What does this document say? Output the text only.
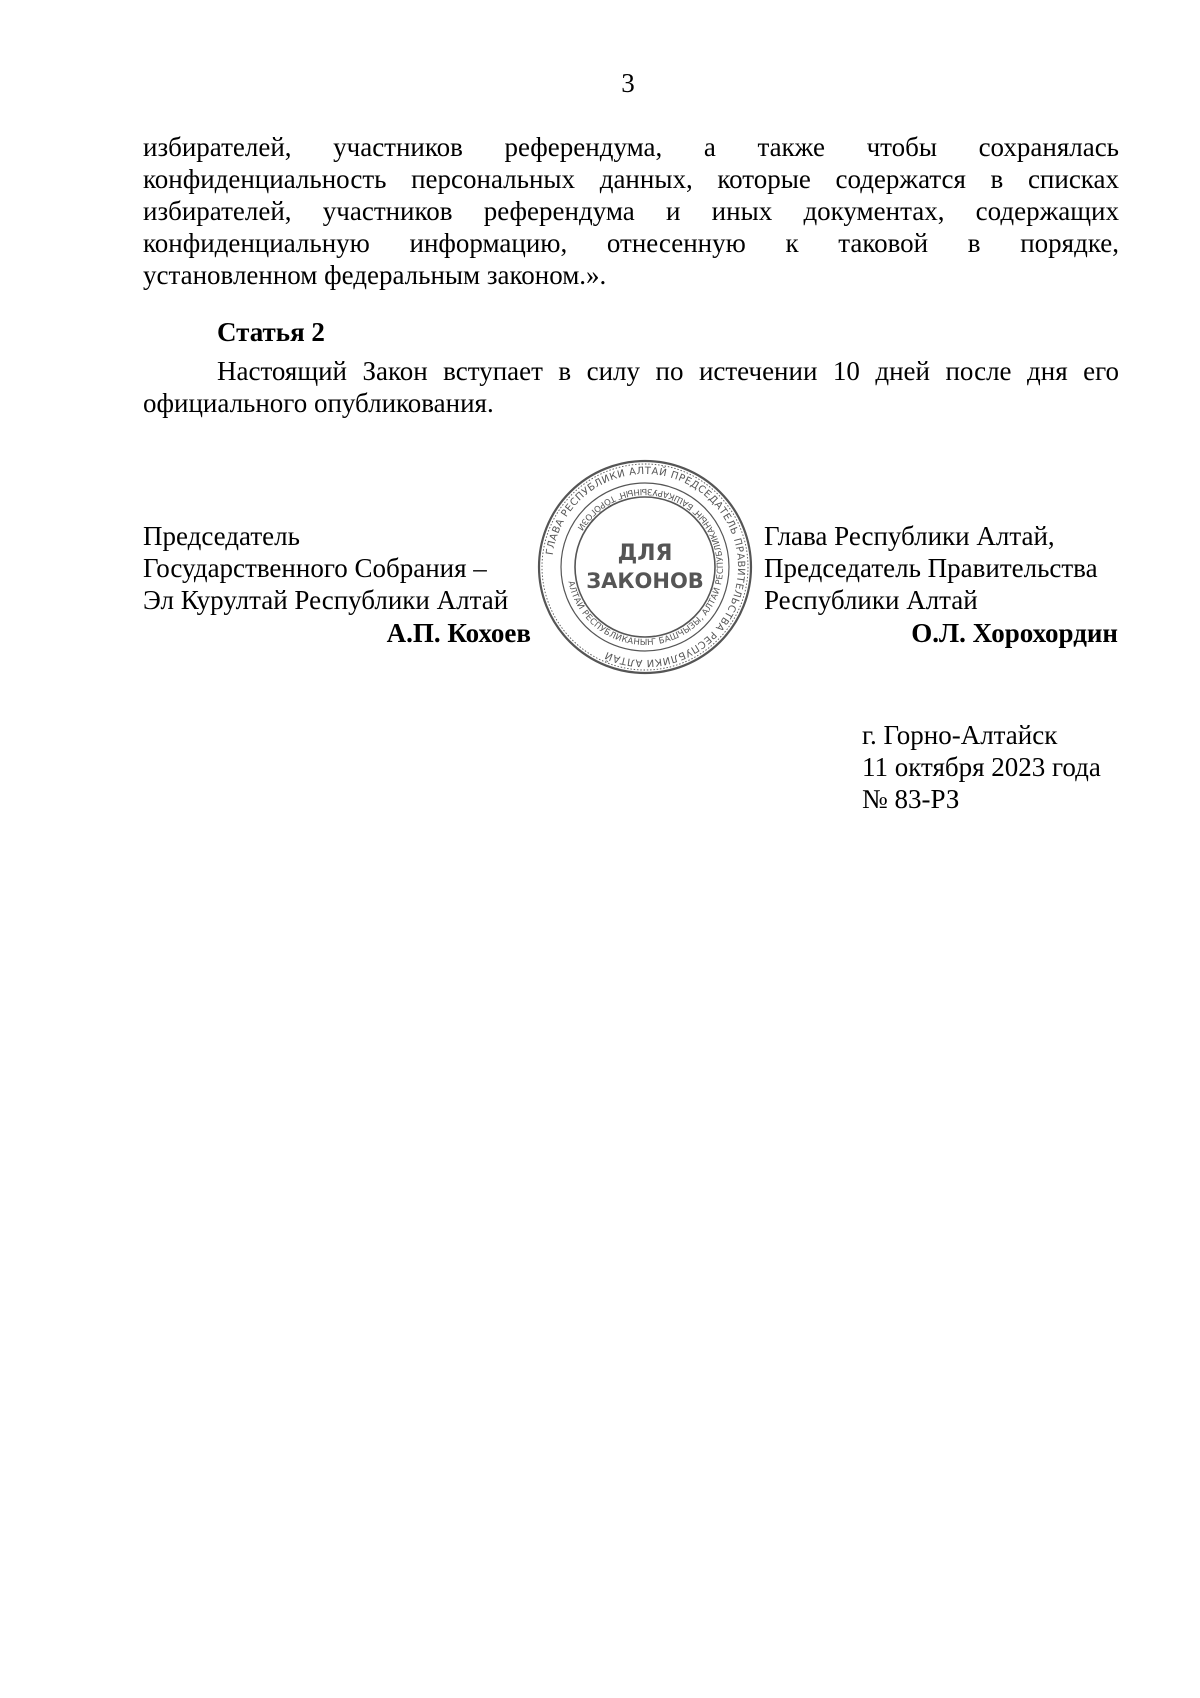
3

избирателей, участников референдума, а также чтобы сохранялась
конфиденциальность персональных данных, которые содержатся в списках
избирателей, участников референдума и иных документах, содержащих
конфиденциальную информацию, отнесенную к таковой в порядке,
установленном федеральным законом.».

Статья 2

Настоящий Закон вступает в силу по истечении 10 дней после дня его
официального опубликования.

Председатель
Государственного Собрания –
Эл Курултай Республики Алтай
А.П. Кохоев
Глава Республики Алтай,
Председатель Правительства
Республики Алтай
О.Л. Хорохордин
ГЛАВА РЕСПУБЛИКИ АЛТАЙ ПРЕДСЕДАТЕЛЬ ПРАВИТЕЛЬСТВА РЕСПУБЛИКИ АЛТАЙ
АЛТАЙ РЕСПУБЛИКАНЫҤ БАШЧЫЗЫ, АЛТАЙ РЕСПУБЛИКАНЫҤ БАШКАРУЗЫНЫҤ ТӦРӦГӦЗИ
ДЛЯ
ЗАКОНОВ
г. Горно-Алтайск
11 октября 2023 года
№ 83-РЗ
